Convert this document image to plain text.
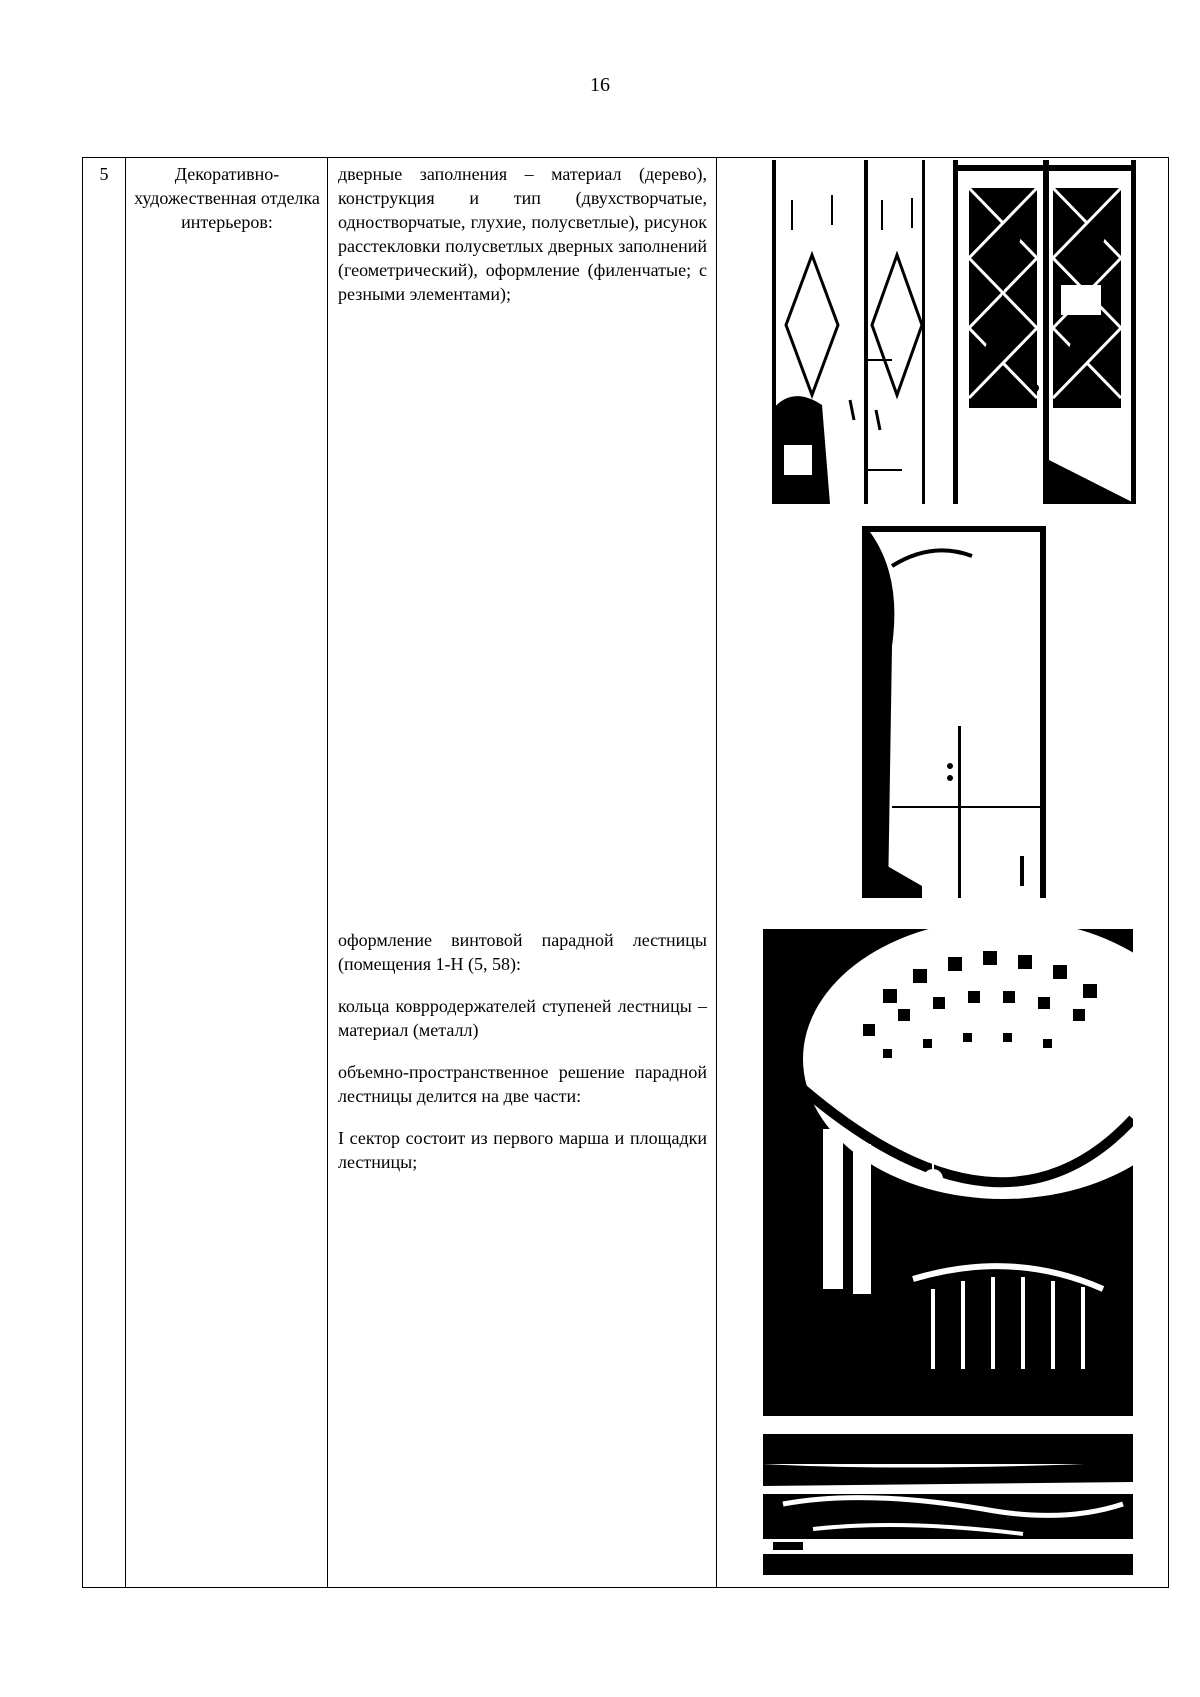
16
5	Декоративно-художественная отделка интерьеров:

дверные заполнения – материал (дерево), конструкция и тип (двухстворчатые, одностворчатые, глухие, полусветлые), рисунок расстекловки полусветлых дверных заполнений (геометрический), оформление (филенчатые; с резными элементами);

оформление винтовой парадной лестницы (помещения 1-Н (5, 58):

кольца коврродержателей ступеней лестницы – материал (металл)

объемно-пространственное решение парадной лестницы делится на две части:

I сектор состоит из первого марша и площадки лестницы;
